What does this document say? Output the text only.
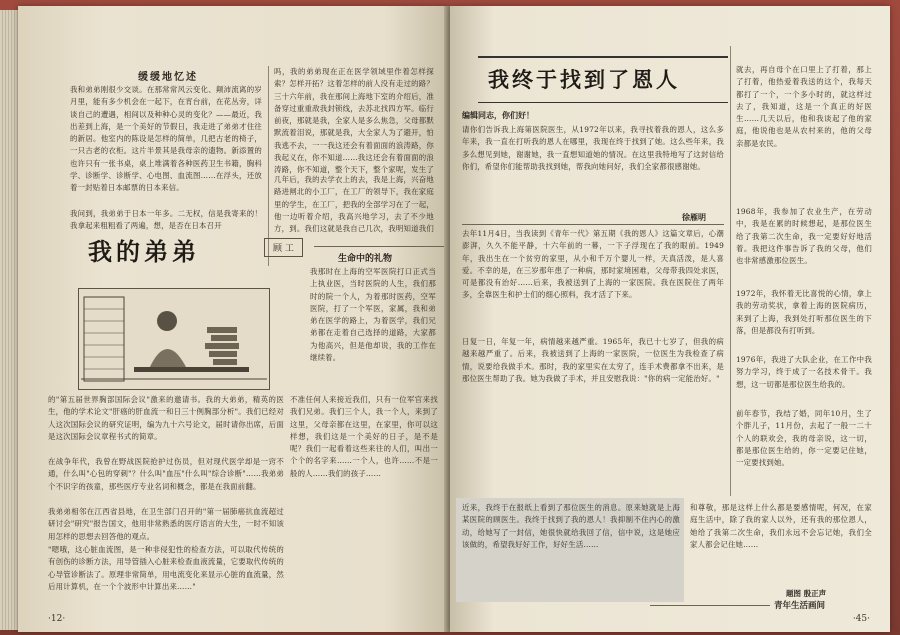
缓缓地忆述
我和弟弟刚很少交谈。在那常常风云变化、颠沛流离的岁月里，能有多少机会在一起下，在宵台前，在花丛旁，详谈自己的遭遇，相间以及种种心灵的变化？——最近，我出差到上海，是一个美好的节假日，我走进了弟弟才住往的新居。他室内的陈设是怎样的简单，几把古老的椅子，一只古老的衣柜。这片半景其是我母亲的遗物。新添置的也许只有一张书桌，桌上堆满着各种医药卫生书籍，胸科学、诊断学、诊断学、心电图、血流图……在浮头，还放着一封贴着日本邮票的日本来信。
我问到，我弟弟于日本一年多。二无权，信是我寄来的！我拿起来粗粗看了两遍，想，是否在日本召开
吗，我的弟弟现在正在医学领域里作着怎样探索？怎样开拓？这着怎样的前人没有走过的路？三十六年前，我在那间上海地下室的介绍后，准备穿过重重敌我封锁线，去苏北找四方军。临行前夜，那就是我，全家人是多么焦急，父母都默默流着泪说，那就是我，大全家人为了避开，怕我逃不去，一一我这还会有着面面的浪涛路，你我起义在，你不知道……我这还会有着面面的浪涛路，你不知道，整个天下，整个家呢，发生了
几年后，我的去学衣上的去，我是上海，兴奋地路进闸北的小工厂，在工厂的领导下，我在家庭里的学生，在工厂，把我的全部学习在了一起，他一边听着介绍，我高兴地学习，去了不少地方，到。我们这就是我自己几次，我明知道我们
我的弟弟	顾 工
生命中的礼物
我那时在上海的空军医院打口正式当上执业医，当时医院的人生，我们那时的院一个人，为着那时医药，空军医院，打了一个军医，家属，我和弟弟在医学的路上，为着医学，我们兄弟都在走着自己选择的道路，大家都为他高兴，但是他却说，我的工作在继续着。
的"第五届世界胸部国际会议"激来的邀请书。我的大弟弟，精英的医生，他的学术论文"肝癌的肝血流一和日三十例胸部分析"。我们已经对人这次国际会议的研究证明，编为九十六号论文，届时请你出席，后面是这次国际会议章程书式的简章。
在战争年代，我曾在野战医院抢护过伤员，但对现代医学却是一窍不通，什么叫"心包的穿刺"？什么叫"血压"什么叫"综合诊断"……我弟弟个不识字的孩童，那些医疗专业名词和概念，都是在我面前翻。
我弟弟相邻在江西省县地，在卫生部门召开的"第一届肺癌抗血流超过研讨会"研究"报告国文，他用非常熟悉的医疗语言的大生，一时不知该用怎样的思想去回答他的观点。
"嗯哦，这心脏血流图，是一种非侵犯性的检查方法，可以取代传统的有创伤的诊断方法，用导管插入心脏来检查血液流量，它要取代传统的心导管诊断法了。原理非常简单，用电流变化来显示心脏的血流量，然后用计算机，在一个个波形中计算出来……"
不准任何人来接近我们，只有一位军官来找我们兄弟。我们三个人，我一个人，来到了这里，父母亲都在这里，在家里，你可以这样想，我们这是一个美好的日子，是不是呢？我们一起看着这些来往的人们，叫出一个个的名字来……一个人，也许……不是一般的人……我们的孩子……
·12·
我终于找到了恩人
编辑同志，你们好！
请你们告诉我上海第医院医生，从1972年以来，我寻找着我的恩人，这么多年来，我一直在打听我的恩人在哪里，我现在终于找到了她。这么些年来，我多么想见到她，谢谢她，我一直想知道她的情况。在这里我特地写了这封信给你们，希望你们能帮助我找到她，帮我向她问好，我们全家都很感谢她。
徐雁明
去年11月4日，当我读到《青年一代》第五期《我的恩人》这篇文章后，心潮澎湃，久久不能平静，十六年前的一幕，一下子浮现在了我的眼前。1949年，我出生在一个贫穷的家里，从小和千万个婴儿一样，天真活泼，是人喜爱。不幸的是，在三岁那年患了一种病，那时家境困难，父母带我四处求医，可是都没有治好……后来，我被送到了上海的一家医院。我在医院住了两年多，全靠医生和护士们的细心照料，我才活了下来。
日复一日，年复一年，病情越来越严重。1965年，我已十七岁了，但我的病越来越严重了。后来，我被送到了上海的一家医院，一位医生为我检查了病情，说要给我做手术。那时，我的家里实在太穷了，连手术费都拿不出来，是那位医生帮助了我。她为我做了手术，并且安慰我说："你的病一定能治好。"
就去，再自母个在口里上了打着，那上了打着，他热爱着我送的这个，我每天都打了一个，一个多小时的，就这样过去了，我知道，这是一个真正的好医生……几天以后，他和我谈起了他的家庭，他说他也是从农村来的，他的父母亲都是农民。
1968年，我参加了农业生产，在劳动中，我是在累的时候想起，是那位医生给了我第二次生命，我一定要好好地活着。我把这件事告诉了我的父母，他们也非常感激那位医生。
1972年，我怀着无比喜悦的心情，拿上我的劳动奖状，拿着上海的医院病历，来到了上海，我到处打听那位医生的下落，但是都没有打听到。
1976年，我进了大队企业，在工作中我努力学习，终于成了一名技术骨干。我想，这一切都是那位医生给我的。
前年春节，我结了婚，同年10月，生了个胖儿子，11月份，去起了一般一二十个人的联欢会，我的母亲说，这一切，都是那位医生给的，你一定要记住她，一定要找到她。
近来，我终于在报纸上看到了那位医生的消息。原来她就是上海某医院的顾医生。我终于找到了我的恩人！我抑制不住内心的激动，给她写了一封信，她很快就给我回了信，信中说，这是她应该做的，希望我好好工作，好好生活……
和尊敬，那是这样上什么都是要感情呢，何况，在家庭生活中，除了我的家人以外，还有我的那位恩人，她给了我第二次生命，我们永远不会忘记她，我们全家人都会记住她……
题图 殷正声
青年生活画间
·45·
